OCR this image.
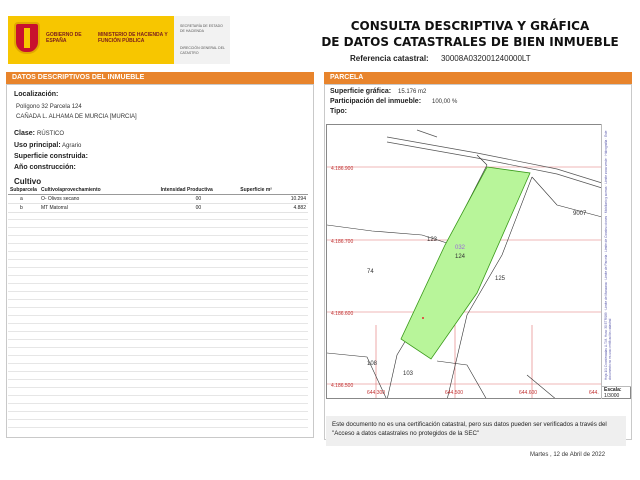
GOBIERNO DE ESPAÑA
MINISTERIO DE HACIENDA Y FUNCIÓN PÚBLICA
SECRETARÍA DE ESTADO DE HACIENDA
DIRECCIÓN GENERAL DEL CATASTRO
CONSULTA DESCRIPTIVA Y GRÁFICA
DE DATOS CATASTRALES DE BIEN INMUEBLE
Referencia catastral: 30008A032001240000LT
DATOS DESCRIPTIVOS DEL INMUEBLE	PARCELA
Localización:
Polígono 32 Parcela 124
CAÑADA L. ALHAMA DE MURCIA [MURCIA]
Clase: RÚSTICO
Uso principal: Agrario
Superficie construida:
Año construcción:
Cultivo
Subparcela	Cultivo/aprovechamiento	Intensidad Productiva	Superficie m²
a	O- Olivos secano	00	10.294
b	MT Matorral	00	4.882
Superficie gráfica: 15.176 m2
Participación del inmueble: 100,00 %
Tipo:
4.186.900
4.186.700
4.186.600
4.186.500
644.300	644.500	644.600	644.
123
124
125
74
108
103
9007
032	Hoja 1/1 Coordenadas U.T.M. Huso 30 ETRS89 · Límite de Manzana · Límite de Parcela · Límite de Construcciones · Mobiliario y aceras · Límite zona verde · Hidrografía · Este documento no es una certificación catastral
Escala:
1/3000
Este documento no es una certificación catastral, pero sus datos pueden ser verificados a través del "Acceso a datos catastrales no protegidos de la SEC"
Martes , 12 de Abril de 2022
